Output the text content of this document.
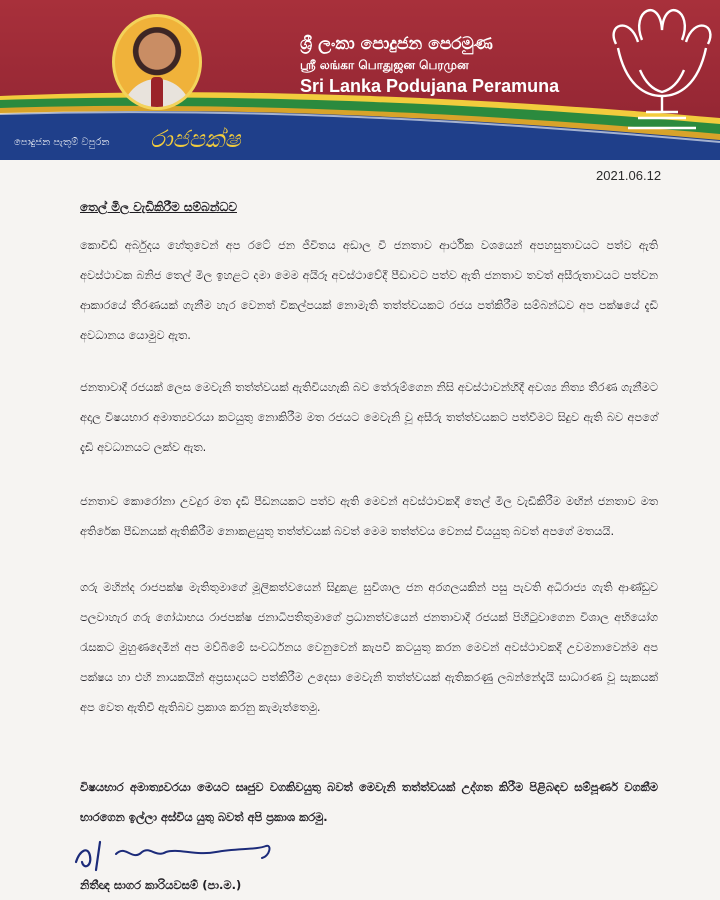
ශ්‍රී ලංකා පොදුජන පෙරමුණ
ஸ்ரீ லங்கா பொதுஜன பெரமுன
Sri Lanka Podujana Peramuna
පොදුජන පැතුම් වපුරන රාජපක්ෂ
2021.06.12
තෙල් මිල වැඩිකිරීම සම්බන්ධව

කොවිඩ් අර්බුදය හේතුවෙන් අප රටේ ජන ජීවිතය අඩාල වී ජනතාව ආර්ථික වශයෙන් අපහසුතාවයට පත්ව ඇති අවස්ථාවක බනිජ තෙල් මිල ඉහළට දමා මෙම අයිරූ අවස්ථාවේදී පීඩාවට පත්ව ඇති ජනතාව තවත් අසීරුතාවයට පත්වන ආකාරයේ තීරණයක් ගැනීම හැර වෙනත් විකල්පයක් නොමැති තත්ත්වයකට රජය පත්කිරීම සම්බන්ධව අප පක්ෂයේ දැඩි අවධානය යොමුව ඇත.

ජනතාවාදී රජයක් ලෙස මෙවැනි තත්ත්වයක් ඇතිවියහැකි බව තේරුම්ගෙන නිසි අවස්ථාවන්හිදී අවශ්‍ය නිත්‍ය තීරණ ගැනීමට අදාල විෂයභාර අමාත්‍යවරයා කටයුතු නොකිරීම මත රජයට මෙවැනි වූ අසීරු තත්ත්වයකට පත්වීමට සිදුව ඇති බව අපගේ දැඩි අවධානයට ලක්ව ඇත.

ජනතාව කොරෝනා උවදුර මත දැඩි පීඩනයකට පත්ව ඇති මෙවන් අවස්ථාවකදී තෙල් මිල වැඩිකිරීම මඟින් ජනතාව මත අතිරේක පීඩනයක් ඇතිකිරීම නොකළයුතු තත්ත්වයක් බවත් මෙම තත්ත්වය වෙනස් වියයුතු බවත් අපගේ මතයයි.

ගරු මහින්ද රාජපක්ෂ මැතිතුමාගේ මූලිකත්වයෙන් සිදුකළ සුවිශාල ජන අරගලයකින් පසු පැවති අධිරාජ්‍ය ගැති ආණ්ඩුව පලවාහැර ගරු ගෝඨාභය රාජපක්ෂ ජනාධිපතිතුමාගේ ප්‍රධානත්වයෙන් ජනතාවාදී රජයක් පිහිටුවාගෙන විශාල අභියෝග රැසකට මුහුණදෙමින් අප මව්බිමේ සංවර්ධනය වෙනුවෙන් කැපවී කටයුතු කරන මෙවන් අවස්ථාවකදී උවමනාවෙන්ම අප පක්ෂය හා එහි නායකයින් අප්‍රසාදයට පත්කිරීම උදෙසා මෙවැනි තත්ත්වයක් ඇතිකරණු ලබන්නේදැයි සාධාරණ වූ සැකයක් අප වෙත ඇතිවී ඇතිබව ප්‍රකාශ කරනු කැමැත්තෙමු.

විෂයභාර අමාත්‍යවරයා මෙයට සෘජුව වගකිවයුතු බවත් මෙවැනි තත්ත්වයක් උද්ගත කිරීම පිළිබඳව සම්පූර්ණ වගකීම භාරගෙන ඉල්ලා අස්විය යුතු බවත් අපි ප්‍රකාශ කරමු.

නිතීඥ සාගර කාරියවසම් (පා.ම.)
